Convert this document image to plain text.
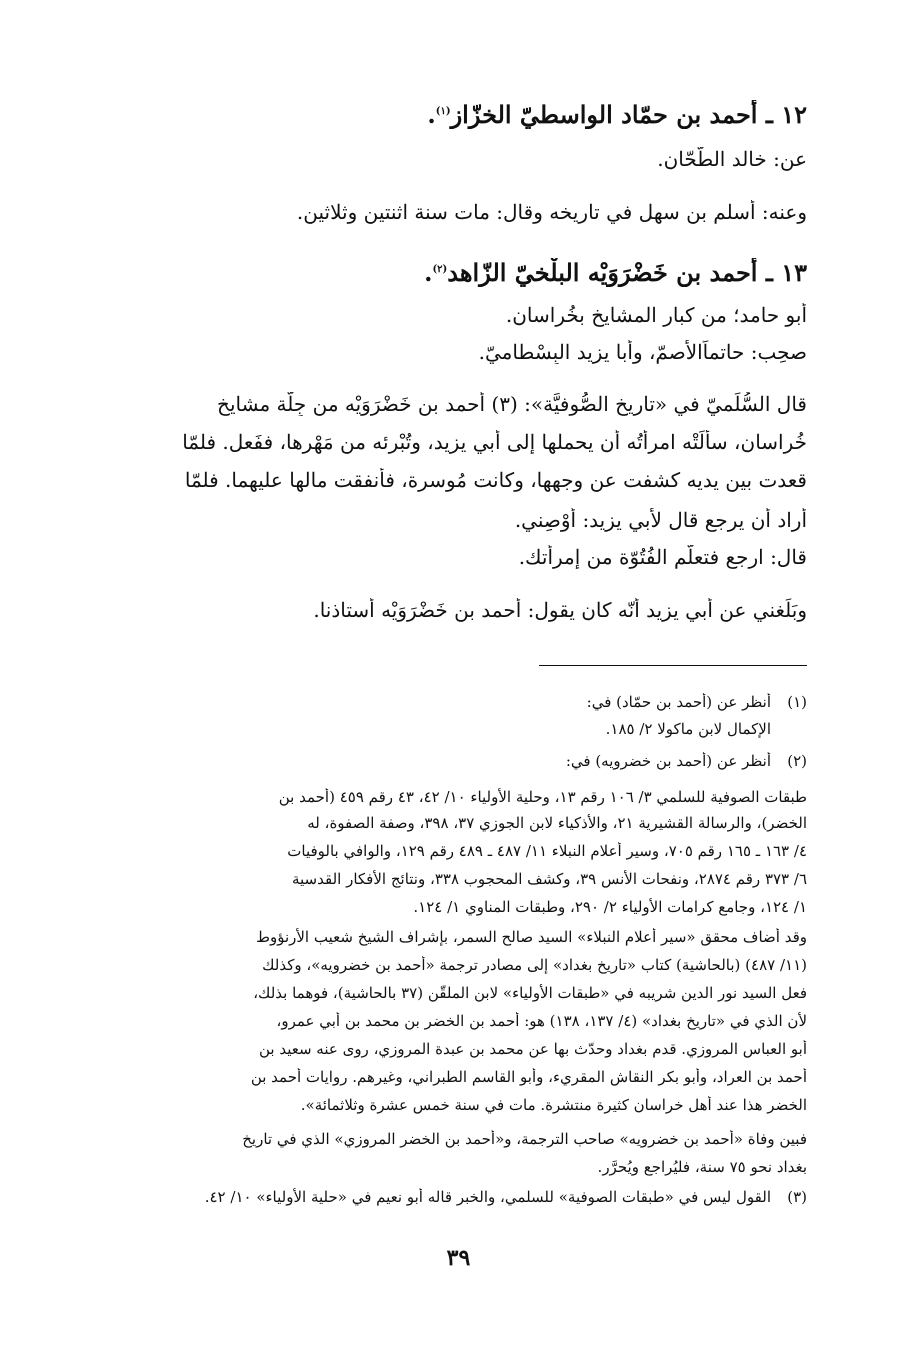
١٢ ـ أحمد بن حمّاد الواسطيّ الخزّاز$^{(١)}$.
عن: خالد الطّحّان.
وعنه: أسلم بن سهل في تاريخه وقال: مات سنة اثنتين وثلاثين.
١٣ ـ أحمد بن خَضْرَوَيْه البلْخيّ الزّاهد$^{(٢)}$.
أبو حامد؛ من كبار المشايخ بخُراسان.
صحِب: حاتماًالأصمّ، وأبا يزيد البِسْطاميّ.
قال السُّلَميّ في «تاريخ الصُّوفيَّة»: (٣) أحمد بن خَضْرَوَيْه من جِلّة مشايخ
خُراسان، سألَتْه امرأتُه أن يحملها إلى أبي يزيد، وتُبْرئه من مَهْرها، ففَعل. فلمّا
قعدت بين يديه كشفت عن وجهها، وكانت مُوسرة، فأنفقت مالها عليهما. فلمّا
أراد أن يرجع قال لأبي يزيد: أَوْصِني.
قال: ارجع فتعلّم الفُتُوّة من إمرأتك.
وبَلَغني عن أبي يزيد أنّه كان يقول: أحمد بن خَضْرَوَيْه أستاذنا.
(١)أنظر عن (أحمد بن حمّاد) في:
الإكمال لابن ماكولا ٢/ ١٨٥.
(٢)أنظر عن (أحمد بن خضرويه) في:
طبقات الصوفية للسلمي ٣/ ١٠٦ رقم ١٣، وحلية الأولياء ١٠/ ٤٢، ٤٣ رقم ٤٥٩ (أحمد بن
الخضر)، والرسالة القشيرية ٢١، والأذكياء لابن الجوزي ٣٧، ٣٩٨، وصفة الصفوة، له
٤/ ١٦٣ ـ ١٦٥ رقم ٧٠٥، وسير أعلام النبلاء ١١/ ٤٨٧ ـ ٤٨٩ رقم ١٢٩، والوافي بالوفيات
٦/ ٣٧٣ رقم ٢٨٧٤، ونفحات الأنس ٣٩، وكشف المحجوب ٣٣٨، ونتائج الأفكار القدسية
١/ ١٢٤، وجامع كرامات الأولياء ٢/ ٢٩٠، وطبقات المناوي ١/ ١٢٤.
وقد أضاف محقق «سير أعلام النبلاء» السيد صالح السمر، بإشراف الشيخ شعيب الأرنؤوط
(١١/ ٤٨٧) (بالحاشية) كتاب «تاريخ بغداد» إلى مصادر ترجمة «أحمد بن خضرويه»، وكذلك
فعل السيد نور الدين شريبه في «طبقات الأولياء» لابن الملقّن (٣٧ بالحاشية)، فوهما بذلك،
لأن الذي في «تاريخ بغداد» (٤/ ١٣٧، ١٣٨) هو: أحمد بن الخضر بن محمد بن أبي عمرو،
أبو العباس المروزي. قدم بغداد وحدّث بها عن محمد بن عبدة المروزي، روى عنه سعيد بن
أحمد بن العراد، وأبو بكر النقاش المقريء، وأبو القاسم الطبراني، وغيرهم. روايات أحمد بن
الخضر هذا عند أهل خراسان كثيرة منتشرة. مات في سنة خمس عشرة وثلاثمائة».
فبين وفاة «أحمد بن خضرويه» صاحب الترجمة، و«أحمد بن الخضر المروزي» الذي في تاريخ
بغداد نحو ٧٥ سنة، فليُراجع ويُحرَّر.
(٣)القول ليس في «طبقات الصوفية» للسلمي، والخبر قاله أبو نعيم في «حلية الأولياء» ١٠/ ٤٢.
٣٩
